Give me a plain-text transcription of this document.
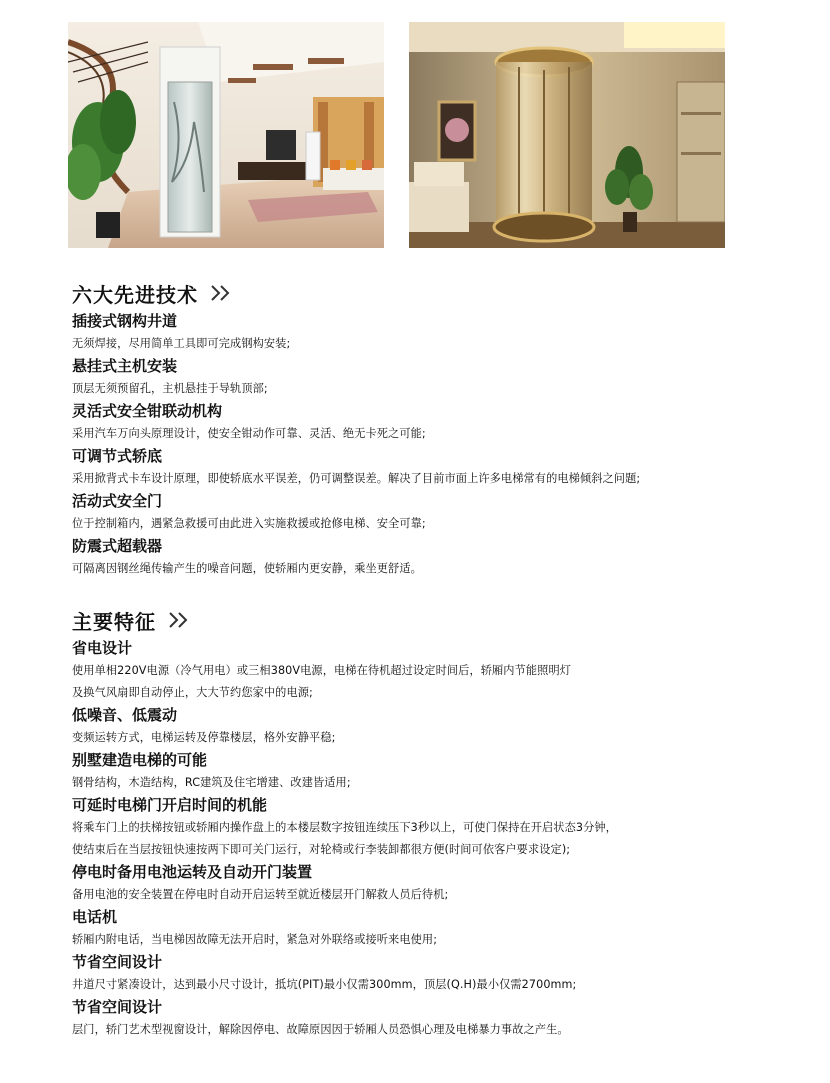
六大先进技术

插接式钢构井道

无须焊接，尽用简单工具即可完成钢构安装;

悬挂式主机安装

顶层无须预留孔，主机悬挂于导轨顶部;

灵活式安全钳联动机构

采用汽车万向头原理设计，使安全钳动作可靠、灵活、绝无卡死之可能;

可调节式轿底

采用掀背式卡车设计原理，即使轿底水平误差，仍可调整误差。解决了目前市面上许多电梯常有的电梯倾斜之问题;

活动式安全门

位于控制箱内，遇紧急救援可由此进入实施救援或抢修电梯、安全可靠;

防震式超载器

可隔离因钢丝绳传输产生的噪音问题，使轿厢内更安静，乘坐更舒适。

主要特征

省电设计

使用单相220V电源（冷气用电）或三相380V电源，电梯在待机超过设定时间后，轿厢内节能照明灯

及换气风扇即自动停止，大大节约您家中的电源;

低噪音、低震动

变频运转方式，电梯运转及停靠楼层，格外安静平稳;

别墅建造电梯的可能

钢骨结构，木造结构，RC建筑及住宅增建、改建皆适用;

可延时电梯门开启时间的机能

将乘车门上的扶梯按钮或轿厢内操作盘上的本楼层数字按钮连续压下3秒以上，可使门保持在开启状态3分钟，

使结束后在当层按钮快速按两下即可关门运行，对轮椅或行李装卸都很方便(时间可依客户要求设定);

停电时备用电池运转及自动开门装置

备用电池的安全装置在停电时自动开启运转至就近楼层开门解救人员后待机;

电话机

轿厢内附电话，当电梯因故障无法开启时，紧急对外联络或接听来电使用;

节省空间设计

井道尺寸紧凑设计，达到最小尺寸设计，抵坑(PIT)最小仅需300mm，顶层(Q.H)最小仅需2700mm;

节省空间设计

层门，轿门艺术型视窗设计，解除因停电、故障原因因于轿厢人员恐惧心理及电梯暴力事故之产生。
